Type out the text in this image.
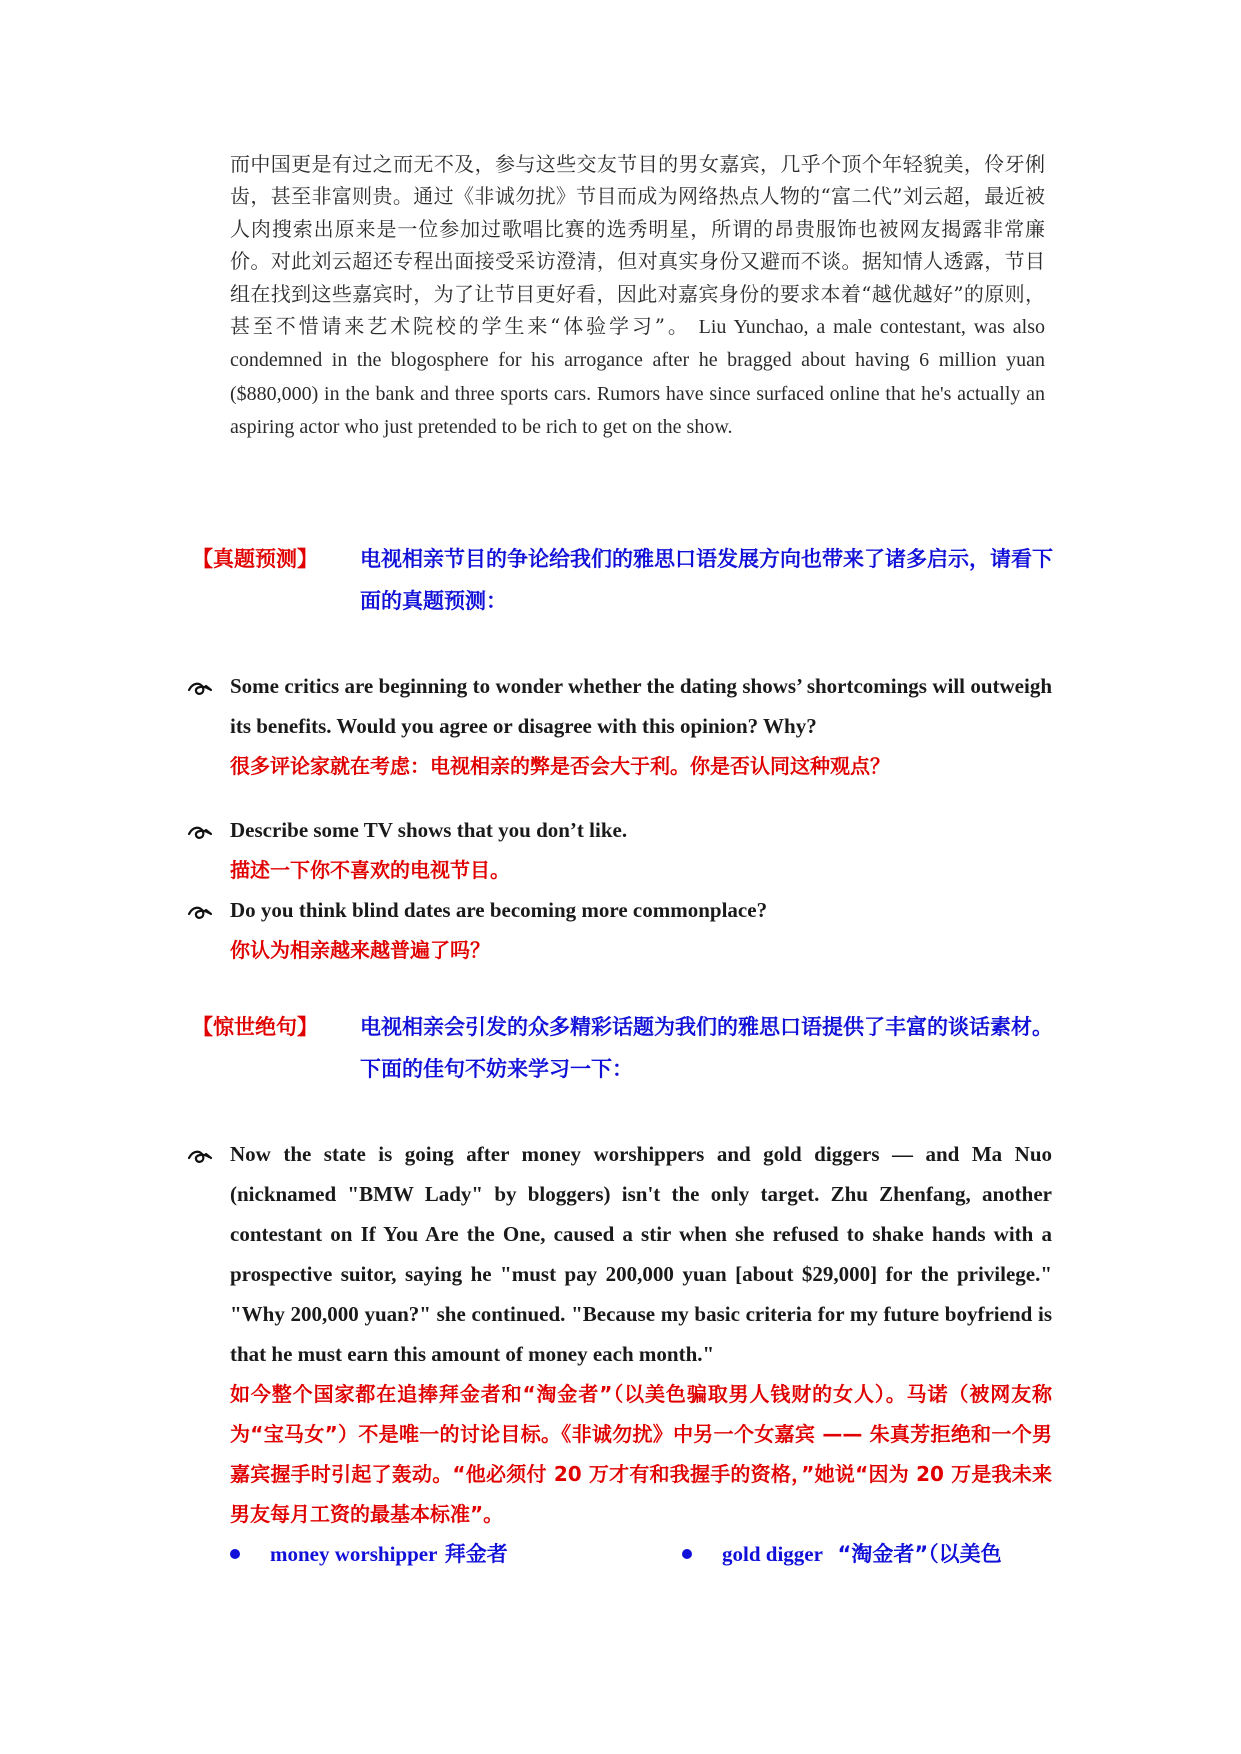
而中国更是有过之而无不及，参与这些交友节目的男女嘉宾，几乎个顶个年轻貌美，伶牙俐齿，甚至非富则贵。通过《非诚勿扰》节目而成为网络热点人物的“富二代”刘云超，最近被人肉搜索出原来是一位参加过歌唱比赛的选秀明星，所谓的昂贵服饰也被网友揭露非常廉价。对此刘云超还专程出面接受采访澄清，但对真实身份又避而不谈。据知情人透露，节目组在找到这些嘉宾时，为了让节目更好看，因此对嘉宾身份的要求本着“越优越好”的原则，甚至不惜请来艺术院校的学生来“体验学习”。 Liu Yunchao, a male contestant, was also condemned in the blogosphere for his arrogance after he bragged about having 6 million yuan ($880,000) in the bank and three sports cars. Rumors have since surfaced online that he's actually an aspiring actor who just pretended to be rich to get on the show.
【真题预测】 电视相亲节目的争论给我们的雅思口语发展方向也带来了诸多启示，请看下面的真题预测：
Some critics are beginning to wonder whether the dating shows’ shortcomings will outweigh its benefits. Would you agree or disagree with this opinion? Why?
很多评论家就在考虑：电视相亲的弊是否会大于利。你是否认同这种观点？
Describe some TV shows that you don’t like.
描述一下你不喜欢的电视节目。
Do you think blind dates are becoming more commonplace?
你认为相亲越来越普遍了吗？
【惊世绝句】 电视相亲会引发的众多精彩话题为我们的雅思口语提供了丰富的谈话素材。下面的佳句不妨来学习一下：
Now the state is going after money worshippers and gold diggers — and Ma Nuo (nicknamed "BMW Lady" by bloggers) isn't the only target. Zhu Zhenfang, another contestant on If You Are the One, caused a stir when she refused to shake hands with a prospective suitor, saying he "must pay 200,000 yuan [about $29,000] for the privilege." "Why 200,000 yuan?" she continued. "Because my basic criteria for my future boyfriend is that he must earn this amount of money each month."
如今整个国家都在追捧拜金者和“淘金者”（以美色骗取男人钱财的女人）。马诺（被网友称为“宝马女”）不是唯一的讨论目标。《非诚勿扰》中另一个女嘉宾 —— 朱真芳拒绝和一个男嘉宾握手时引起了轰动。“他必须付 20 万才有和我握手的资格，”她说“因为 20 万是我未来男友每月工资的最基本标准”。
money worshipper 拜金者	gold digger “淘金者”（以美色
